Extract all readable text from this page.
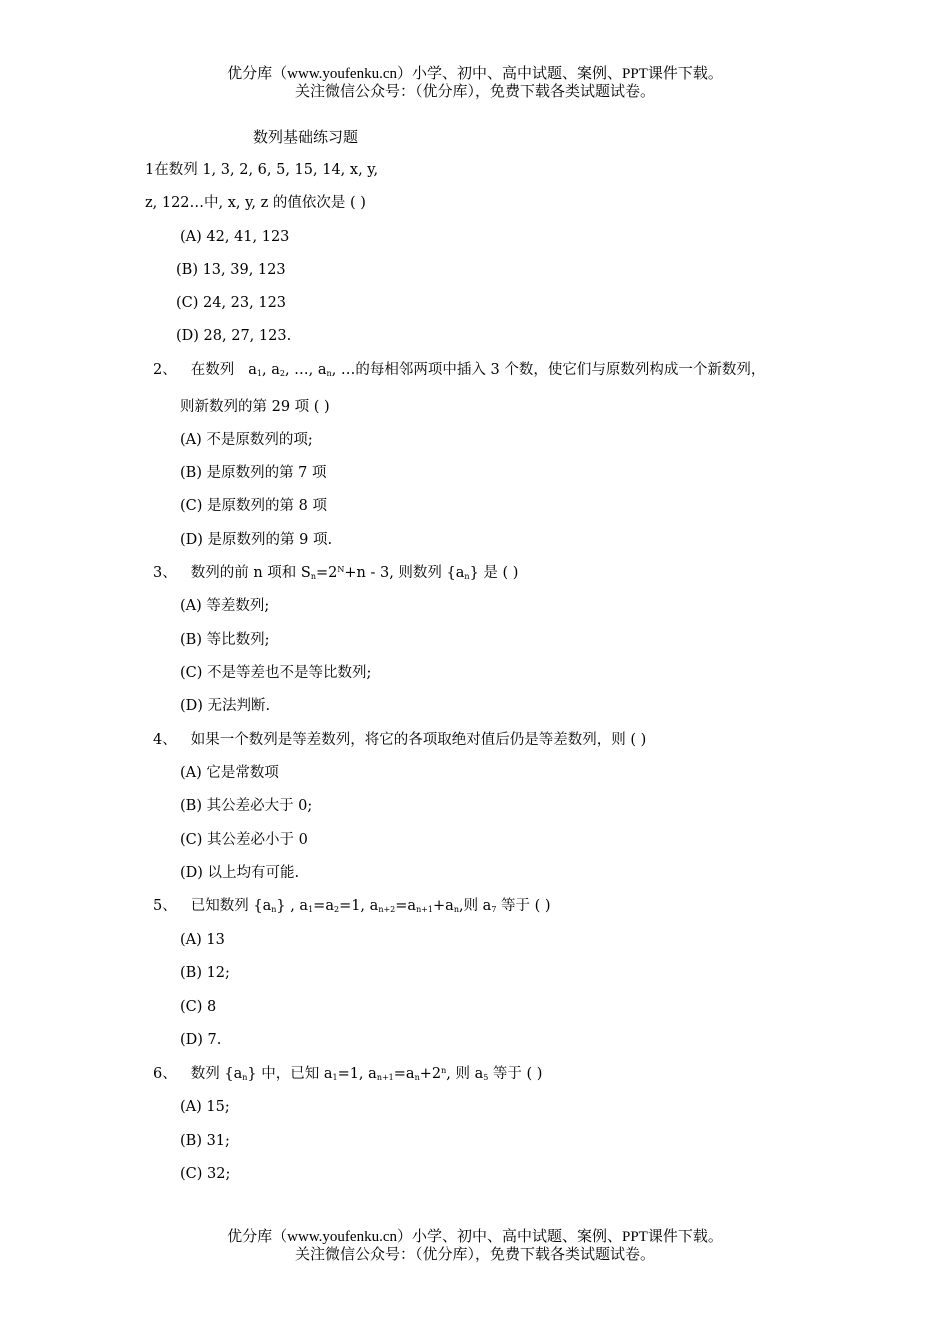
优分库（www.youfenku.cn）小学、初中、高中试题、案例、PPT课件下载。
关注微信公众号：（优分库），免费下载各类试题试卷。
数列基础练习题
1在数列 1, 3, 2, 6, 5, 15, 14, x, y,
z, 122…中, x, y, z 的值依次是 ( )
(A) 42, 41, 123
(B) 13, 39, 123
(C) 24, 23, 123
(D) 28, 27, 123.
2、 在数列 $a_1$, $a_2$, …, $a_n$, …的每相邻两项中插入 3 个数，使它们与原数列构成一个新数列，
则新数列的第 29 项 ( )
(A) 不是原数列的项;
(B) 是原数列的第 7 项
(C) 是原数列的第 8 项
(D) 是原数列的第 9 项.
3、 数列的前 n 项和 $S_n=2^N+n - 3$, 则数列 $\{a_n\}$ 是 ( )
(A) 等差数列;
(B) 等比数列;
(C) 不是等差也不是等比数列;
(D) 无法判断.
4、 如果一个数列是等差数列，将它的各项取绝对值后仍是等差数列，则 ( )
(A) 它是常数项
(B) 其公差必大于 0;
(C) 其公差必小于 0
(D) 以上均有可能.
5、 已知数列 $\{a_n\}$ , $a_1=a_2=1$, $a_{n+2}=a_{n+1}+a_n$,则 $a_7$ 等于 ( )
(A) 13
(B) 12;
(C) 8
(D) 7.
6、 数列 $\{a_n\}$ 中，已知 $a_1=1$, $a_{n+1}=a_n+2^n$, 则 $a_5$ 等于 ( )
(A) 15;
(B) 31;
(C) 32;
优分库（www.youfenku.cn）小学、初中、高中试题、案例、PPT课件下载。
关注微信公众号：（优分库），免费下载各类试题试卷。
